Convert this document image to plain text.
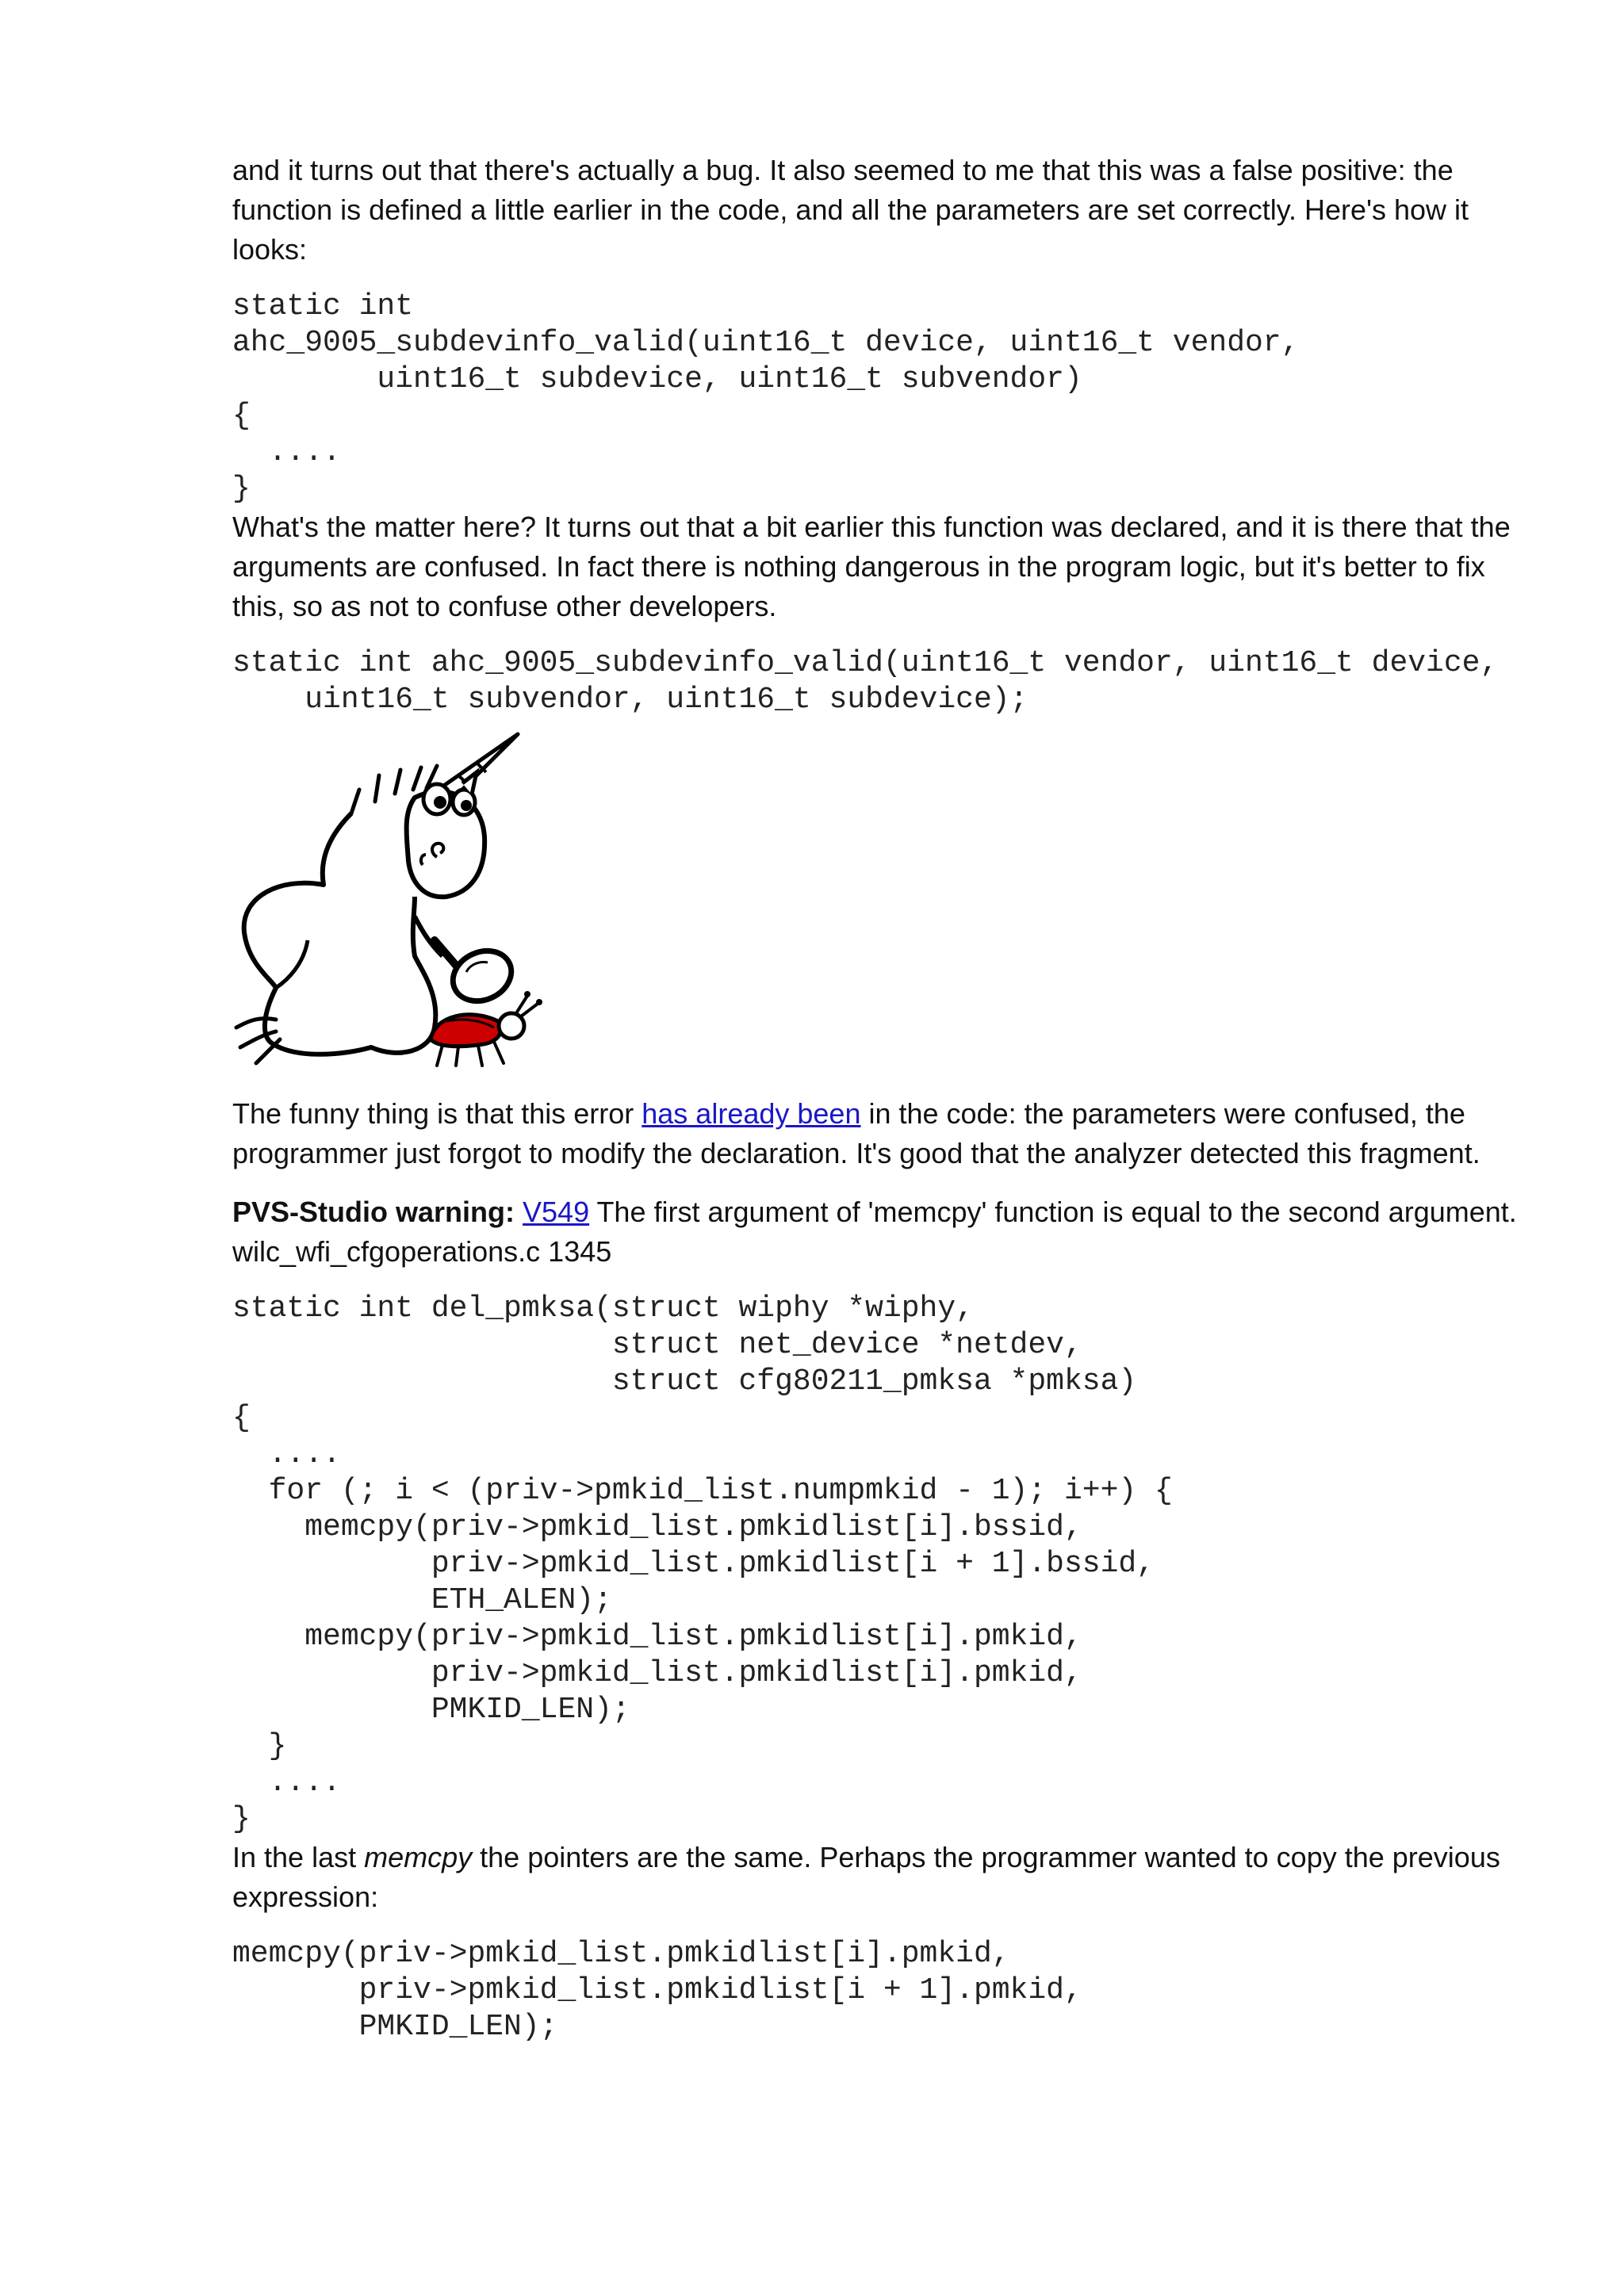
and it turns out that there's actually a bug. It also seemed to me that this was a false positive: the function is defined a little earlier in the code, and all the parameters are set correctly. Here's how it looks:

static int
ahc_9005_subdevinfo_valid(uint16_t device, uint16_t vendor,
uint16_t subdevice, uint16_t subvendor)
{
....
}

What's the matter here? It turns out that a bit earlier this function was declared, and it is there that the arguments are confused. In fact there is nothing dangerous in the program logic, but it's better to fix this, so as not to confuse other developers.

static int ahc_9005_subdevinfo_valid(uint16_t vendor, uint16_t device,
uint16_t subvendor, uint16_t subdevice);

The funny thing is that this error has already been in the code: the parameters were confused, the programmer just forgot to modify the declaration. It's good that the analyzer detected this fragment.

PVS-Studio warning: V549 The first argument of 'memcpy' function is equal to the second argument. wilc_wfi_cfgoperations.c 1345

static int del_pmksa(struct wiphy *wiphy,
struct net_device *netdev,
struct cfg80211_pmksa *pmksa)
{
....
for (; i < (priv->pmkid_list.numpmkid - 1); i++) {
memcpy(priv->pmkid_list.pmkidlist[i].bssid,
priv->pmkid_list.pmkidlist[i + 1].bssid,
ETH_ALEN);
memcpy(priv->pmkid_list.pmkidlist[i].pmkid,
priv->pmkid_list.pmkidlist[i].pmkid,
PMKID_LEN);
}
....
}

In the last memcpy the pointers are the same. Perhaps the programmer wanted to copy the previous expression:

memcpy(priv->pmkid_list.pmkidlist[i].pmkid,
priv->pmkid_list.pmkidlist[i + 1].pmkid,
PMKID_LEN);
